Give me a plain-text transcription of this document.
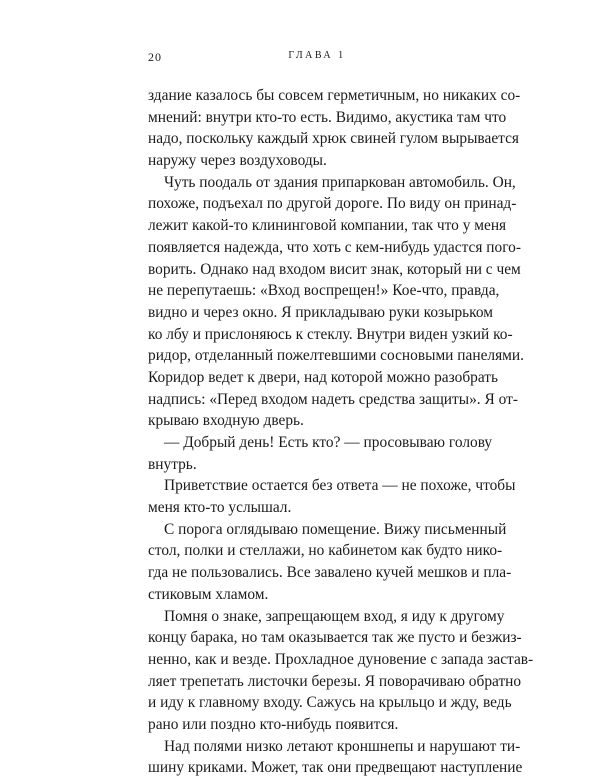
20	ГЛАВА 1
здание казалось бы совсем герметичным, но никаких со-
мнений: внутри кто-то есть. Видимо, акустика там что
надо, поскольку каждый хрюк свиней гулом вырывается
наружу через воздуховоды.
Чуть поодаль от здания припаркован автомобиль. Он,
похоже, подъехал по другой дороге. По виду он принад-
лежит какой-то клининговой компании, так что у меня
появляется надежда, что хоть с кем-нибудь удастся пого-
ворить. Однако над входом висит знак, который ни с чем
не перепутаешь: «Вход воспрещен!» Кое-что, правда,
видно и через окно. Я прикладываю руки козырьком
ко лбу и прислоняюсь к стеклу. Внутри виден узкий ко-
ридор, отделанный пожелтевшими сосновыми панелями.
Коридор ведет к двери, над которой можно разобрать
надпись: «Перед входом надеть средства защиты». Я от-
крываю входную дверь.
— Добрый день! Есть кто? — просовываю голову
внутрь.
Приветствие остается без ответа — не похоже, чтобы
меня кто-то услышал.
С порога оглядываю помещение. Вижу письменный
стол, полки и стеллажи, но кабинетом как будто нико-
гда не пользовались. Все завалено кучей мешков и пла-
стиковым хламом.
Помня о знаке, запрещающем вход, я иду к другому
концу барака, но там оказывается так же пусто и безжиз-
ненно, как и везде. Прохладное дуновение с запада застав-
ляет трепетать листочки березы. Я поворачиваю обратно
и иду к главному входу. Сажусь на крыльцо и жду, ведь
рано или поздно кто-нибудь появится.
Над полями низко летают кроншнепы и нарушают ти-
шину криками. Может, так они предвещают наступление
